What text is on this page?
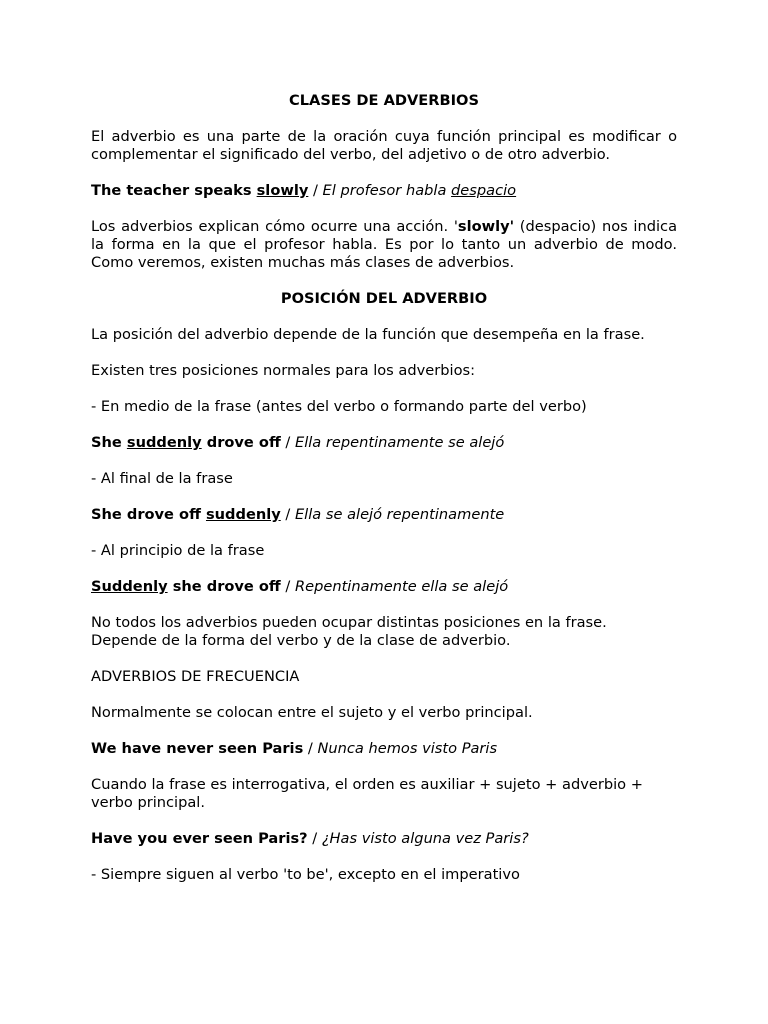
CLASES DE ADVERBIOS
El adverbio es una parte de la oración cuya función principal es modificar o complementar el significado del verbo, del adjetivo o de otro adverbio.
The teacher speaks slowly / El profesor habla despacio
Los adverbios explican cómo ocurre una acción. 'slowly' (despacio) nos indica la forma en la que el profesor habla. Es por lo tanto un adverbio de modo. Como veremos, existen muchas más clases de adverbios.
POSICIÓN DEL ADVERBIO
La posición del adverbio depende de la función que desempeña en la frase.
Existen tres posiciones normales para los adverbios:
- En medio de la frase (antes del verbo o formando parte del verbo)
She suddenly drove off / Ella repentinamente se alejó
- Al final de la frase
She drove off suddenly / Ella se alejó repentinamente
- Al principio de la frase
Suddenly she drove off / Repentinamente ella se alejó
No todos los adverbios pueden ocupar distintas posiciones en la frase.
Depende de la forma del verbo y de la clase de adverbio.
ADVERBIOS DE FRECUENCIA
Normalmente se colocan entre el sujeto y el verbo principal.
We have never seen Paris / Nunca hemos visto Paris
Cuando la frase es interrogativa, el orden es auxiliar + sujeto + adverbio + verbo principal.
Have you ever seen Paris? / ¿Has visto alguna vez Paris?
- Siempre siguen al verbo 'to be', excepto en el imperativo
